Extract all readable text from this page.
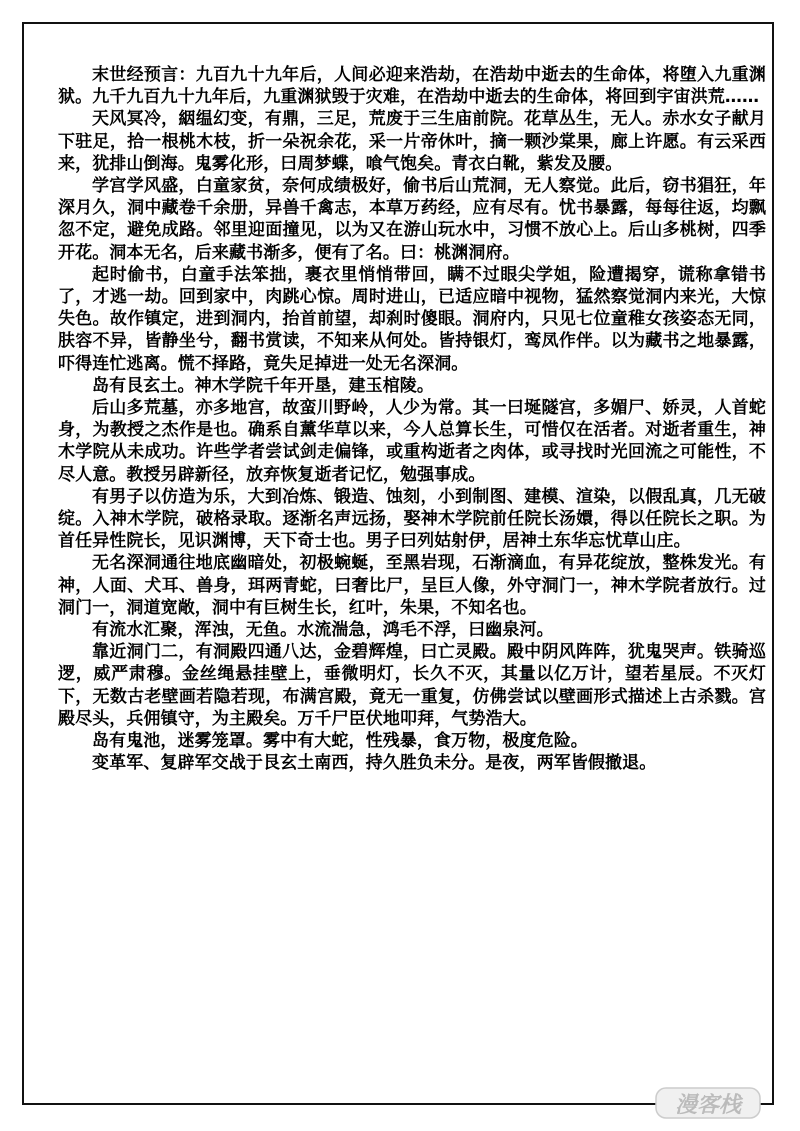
末世经预言：九百九十九年后，人间必迎来浩劫，在浩劫中逝去的生命体，将堕入九重渊狱。九千九百九十九年后，九重渊狱毁于灾难，在浩劫中逝去的生命体，将回到宇宙洪荒……

天风冥冷，絪缊幻变，有鼎，三足，荒废于三生庙前院。花草丛生，无人。赤水女子献月下驻足，拾一根桃木枝，折一朵祝余花，采一片帝休叶，摘一颗沙棠果，廊上许愿。有云采西来，犹排山倒海。鬼雾化形，曰周梦蝶，喰气饱矣。青衣白靴，紫发及腰。

学宫学风盛，白童家贫，奈何成绩极好，偷书后山荒洞，无人察觉。此后，窃书猖狂，年深月久，洞中藏卷千余册，异兽千禽志，本草万药经，应有尽有。忧书暴露，每每往返，均飘忽不定，避免成路。邻里迎面撞见，以为又在游山玩水中，习惯不放心上。后山多桃树，四季开花。洞本无名，后来藏书渐多，便有了名。曰：桃渊洞府。

起时偷书，白童手法笨拙，裹衣里悄悄带回，瞒不过眼尖学姐，险遭揭穿，谎称拿错书了，才逃一劫。回到家中，肉跳心惊。周时进山，已适应暗中视物，猛然察觉洞内来光，大惊失色。故作镇定，进到洞内，抬首前望，却刹时傻眼。洞府内，只见七位童稚女孩姿态无同，肤容不异，皆静坐兮，翻书赏读，不知来从何处。皆持银灯，鸾凤作伴。以为藏书之地暴露，吓得连忙逃离。慌不择路，竟失足掉进一处无名深洞。

岛有艮玄土。神木学院千年开垦，建玉棺陵。

后山多荒墓，亦多地宫，故蛮川野岭，人少为常。其一曰埏隧宫，多媚尸、娇灵，人首蛇身，为教授之杰作是也。确系自薰华草以来，今人总算长生，可惜仅在活者。对逝者重生，神木学院从未成功。许些学者尝试剑走偏锋，或重构逝者之肉体，或寻找时光回流之可能性，不尽人意。教授另辟新径，放弃恢复逝者记忆，勉强事成。

有男子以仿造为乐，大到冶炼、锻造、蚀刻，小到制图、建模、渲染，以假乱真，几无破绽。入神木学院，破格录取。逐渐名声远扬，娶神木学院前任院长汤嬛，得以任院长之职。为首任异性院长，见识渊博，天下奇士也。男子曰列姑射伊，居神土东华忘忧草山庄。

无名深洞通往地底幽暗处，初极蜿蜒，至黑岩现，石渐滴血，有异花绽放，整株发光。有神，人面、犬耳、兽身，珥两青蛇，曰奢比尸，呈巨人像，外守洞门一，神木学院者放行。过洞门一，洞道宽敞，洞中有巨树生长，红叶，朱果，不知名也。

有流水汇聚，浑浊，无鱼。水流湍急，鸿毛不浮，曰幽泉河。

靠近洞门二，有洞殿四通八达，金碧辉煌，曰亡灵殿。殿中阴风阵阵，犹鬼哭声。铁骑巡逻，威严肃穆。金丝绳悬挂壁上，垂微明灯，长久不灭，其量以亿万计，望若星辰。不灭灯下，无数古老壁画若隐若现，布满宫殿，竟无一重复，仿佛尝试以壁画形式描述上古杀戮。宫殿尽头，兵佣镇守，为主殿矣。万千尸臣伏地叩拜，气势浩大。

岛有鬼池，迷雾笼罩。雾中有大蛇，性残暴，食万物，极度危险。

变革军、复辟军交战于艮玄土南西，持久胜负未分。是夜，两军皆假撤退。

漫客栈
